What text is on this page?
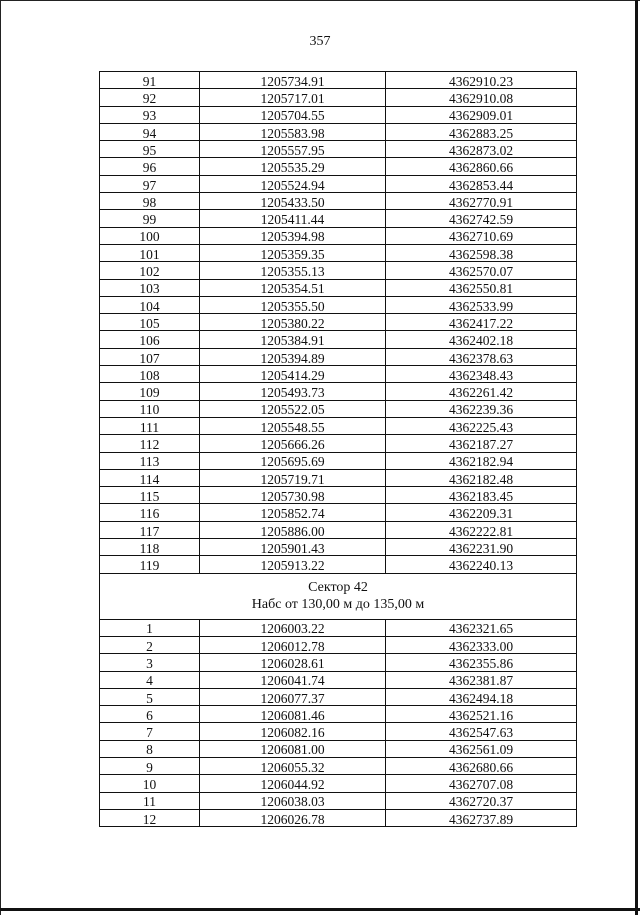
357
91	1205734.91	4362910.23
92	1205717.01	4362910.08
93	1205704.55	4362909.01
94	1205583.98	4362883.25
95	1205557.95	4362873.02
96	1205535.29	4362860.66
97	1205524.94	4362853.44
98	1205433.50	4362770.91
99	1205411.44	4362742.59
100	1205394.98	4362710.69
101	1205359.35	4362598.38
102	1205355.13	4362570.07
103	1205354.51	4362550.81
104	1205355.50	4362533.99
105	1205380.22	4362417.22
106	1205384.91	4362402.18
107	1205394.89	4362378.63
108	1205414.29	4362348.43
109	1205493.73	4362261.42
110	1205522.05	4362239.36
111	1205548.55	4362225.43
112	1205666.26	4362187.27
113	1205695.69	4362182.94
114	1205719.71	4362182.48
115	1205730.98	4362183.45
116	1205852.74	4362209.31
117	1205886.00	4362222.81
118	1205901.43	4362231.90
119	1205913.22	4362240.13

Сектор 42
Набс от 130,00 м до 135,00 м		

1	1206003.22	4362321.65
2	1206012.78	4362333.00
3	1206028.61	4362355.86
4	1206041.74	4362381.87
5	1206077.37	4362494.18
6	1206081.46	4362521.16
7	1206082.16	4362547.63
8	1206081.00	4362561.09
9	1206055.32	4362680.66
10	1206044.92	4362707.08
11	1206038.03	4362720.37
12	1206026.78	4362737.89
